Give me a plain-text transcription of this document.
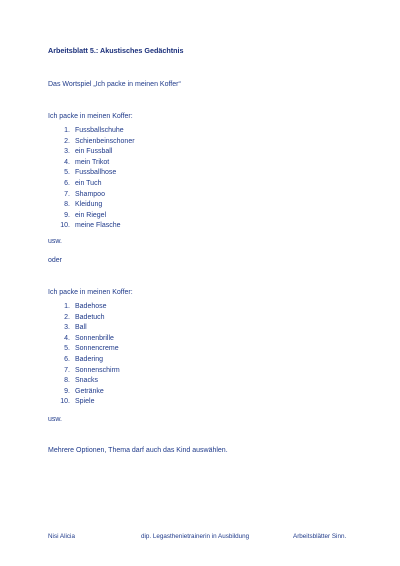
Arbeitsblatt 5.: Akustisches Gedächtnis
Das Wortspiel „Ich packe in meinen Koffer“
Ich packe in meinen Koffer:
1. Fussballschuhe
2. Schienbeinschoner
3. ein Fussball
4. mein Trikot
5. Fussballhose
6. ein Tuch
7. Shampoo
8. Kleidung
9. ein Riegel
10. meine Flasche
usw.
oder
Ich packe in meinen Koffer:
1. Badehose
2. Badetuch
3. Ball
4. Sonnenbrille
5. Sonnencreme
6. Badering
7. Sonnenschirm
8. Snacks
9. Getränke
10. Spiele
usw.
Mehrere Optionen, Thema darf auch das Kind auswählen.
Nisi Alicia	dip. Legasthenietrainerin in Ausbildung	Arbeitsblätter Sinn.
